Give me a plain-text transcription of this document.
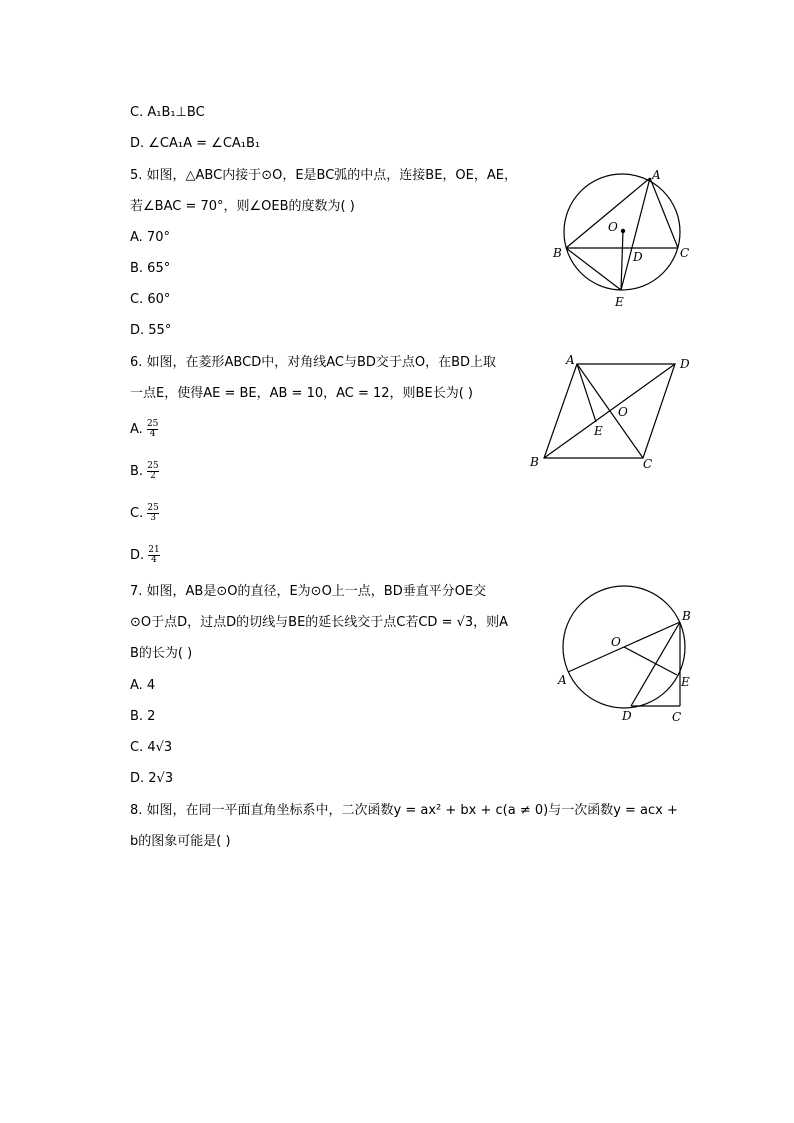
C. A₁B₁⊥BC
D. ∠CA₁A = ∠CA₁B₁
5. 如图，△ABC内接于⊙O，E是BC弧的中点，连接BE，OE，AE，
若∠BAC = 70°，则∠OEB的度数为( )
A. 70°
B. 65°
C. 60°
D. 55°
A
B	C
O
D
E
6. 如图，在菱形ABCD中，对角线AC与BD交于点O，在BD上取
一点E，使得AE = BE，AB = 10，AC = 12，则BE长为( )
A. $\frac{25}{4}$
B. $\frac{25}{2}$
C. $\frac{25}{3}$
D. $\frac{21}{4}$
A	D
O
E
B	C
7. 如图，AB是⊙O的直径，E为⊙O上一点，BD垂直平分OE交
⊙O于点D，过点D的切线与BE的延长线交于点C若CD = √3，则A
B的长为( )
A. 4
B. 2
C. 4√3
D. 2√3
B
O
A	E
D	C
8. 如图，在同一平面直角坐标系中，二次函数y = ax² + bx + c(a ≠ 0)与一次函数y = acx +
b的图象可能是( )
